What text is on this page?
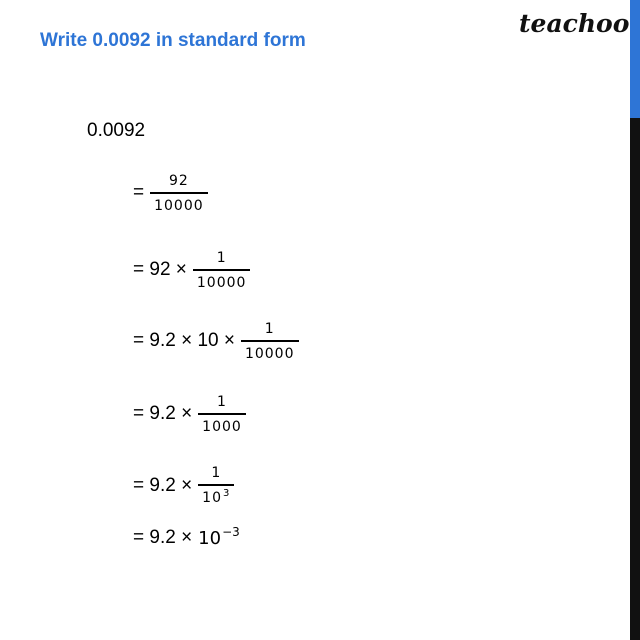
Write 0.0092 in standard form
teachoo
0.0092
= $\frac{92}{10000}$
= $92 \times \frac{1}{10000}$
= $9.2 \times 10 \times \frac{1}{10000}$
= $9.2 \times \frac{1}{1000}$
= $9.2 \times \frac{1}{10^3}$
= $9.2 \times 10^{-3}$
